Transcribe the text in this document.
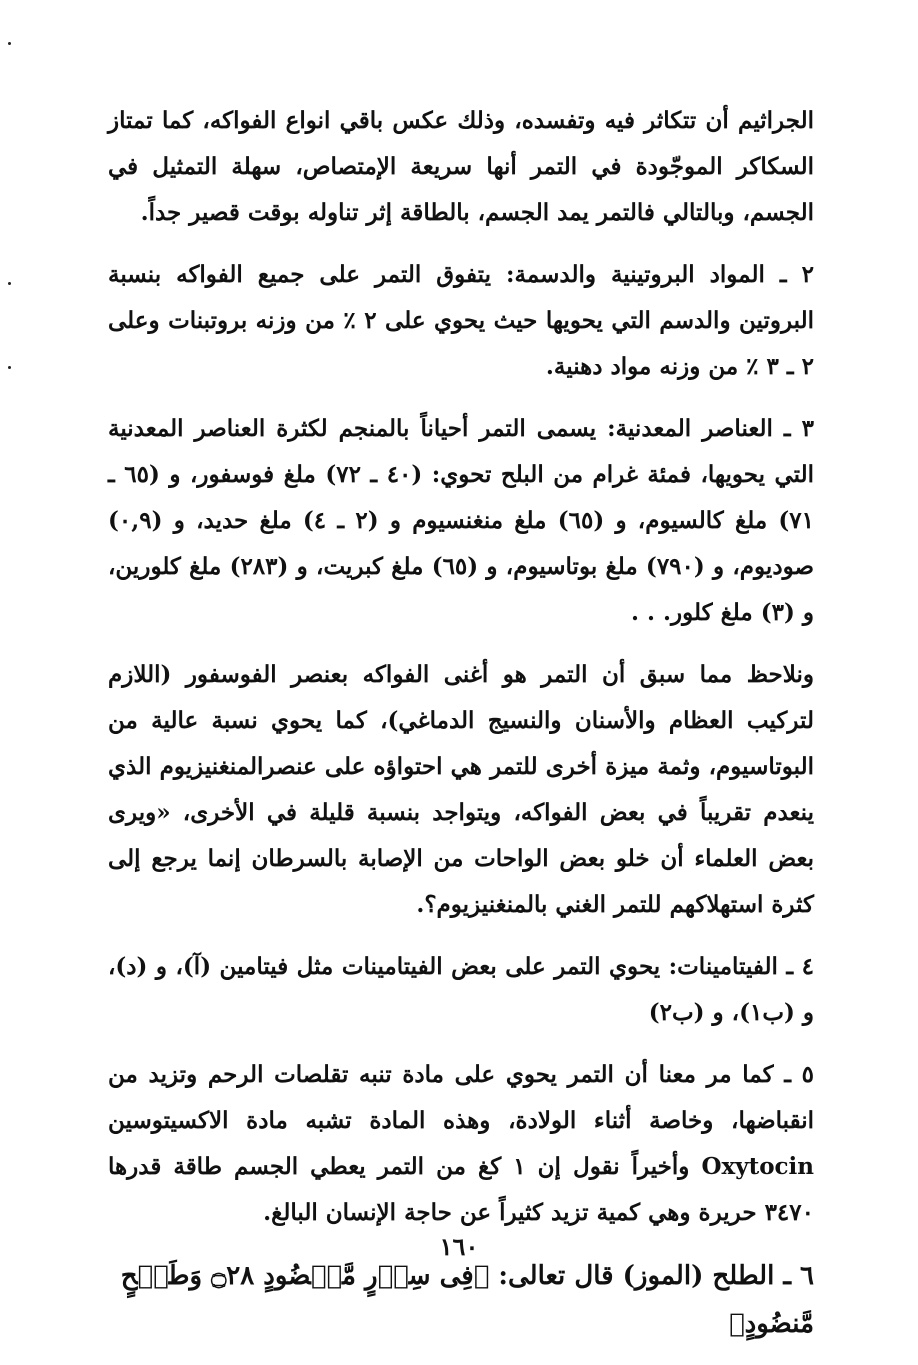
الجراثيم أن تتكاثر فيه وتفسده، وذلك عكس باقي انواع الفواكه، كما تمتاز السكاكر الموجّودة في التمر أنها سريعة الإمتصاص، سهلة التمثيل في الجسم، وبالتالي فالتمر يمد الجسم، بالطاقة إثر تناوله بوقت قصير جداً.

٢ ـ المواد البروتينية والدسمة: يتفوق التمر على جميع الفواكه بنسبة البروتين والدسم التي يحويها حيث يحوي على ٢ ٪ من وزنه بروتبنات وعلى ٢ ـ ٣ ٪ من وزنه مواد دهنية.

٣ ـ العناصر المعدنية: يسمى التمر أحياناً بالمنجم لكثرة العناصر المعدنية التي يحويها، فمئة غرام من البلح تحوي: (٤٠ ـ ٧٢) ملغ فوسفور، و (٦٥ ـ ٧١) ملغ كالسيوم، و (٦٥) ملغ منغنسيوم و (٢ ـ ٤) ملغ حديد، و (٠,٩) صوديوم، و (٧٩٠) ملغ بوتاسيوم، و (٦٥) ملغ كبريت، و (٢٨٣) ملغ كلورين، و (٣) ملغ كلور. . .

ونلاحظ مما سبق أن التمر هو أغنى الفواكه بعنصر الفوسفور (اللازم لتركيب العظام والأسنان والنسيج الدماغي)، كما يحوي نسبة عالية من البوتاسيوم، وثمة ميزة أخرى للتمر هي احتواؤه على عنصرالمنغنيزيوم الذي ينعدم تقريباً في بعض الفواكه، ويتواجد بنسبة قليلة في الأخرى، «ويرى بعض العلماء أن خلو بعض الواحات من الإصابة بالسرطان إنما يرجع إلى كثرة استهلاكهم للتمر الغني بالمنغنيزيوم؟.

٤ ـ الفيتامينات: يحوي التمر على بعض الفيتامينات مثل فيتامين (آ)، و (د)، و (ب١)، و (ب٢)

٥ ـ كما مر معنا أن التمر يحوي على مادة تنبه تقلصات الرحم وتزيد من انقباضها، وخاصة أثناء الولادة، وهذه المادة تشبه مادة الاكسيتوسين Oxytocin وأخيراً نقول إن ١ كغ من التمر يعطي الجسم طاقة قدرها ٣٤٧٠ حريرة وهي كمية تزيد كثيراً عن حاجة الإنسان البالغ.

٦ ـ الطلح (الموز) قال تعالى: ﴿فِى سِدۡرٍ مَّخۡضُودٍ ۝٢٨ وَطَلۡحٍ مَّنضُودٍ﴾
١٦٠
